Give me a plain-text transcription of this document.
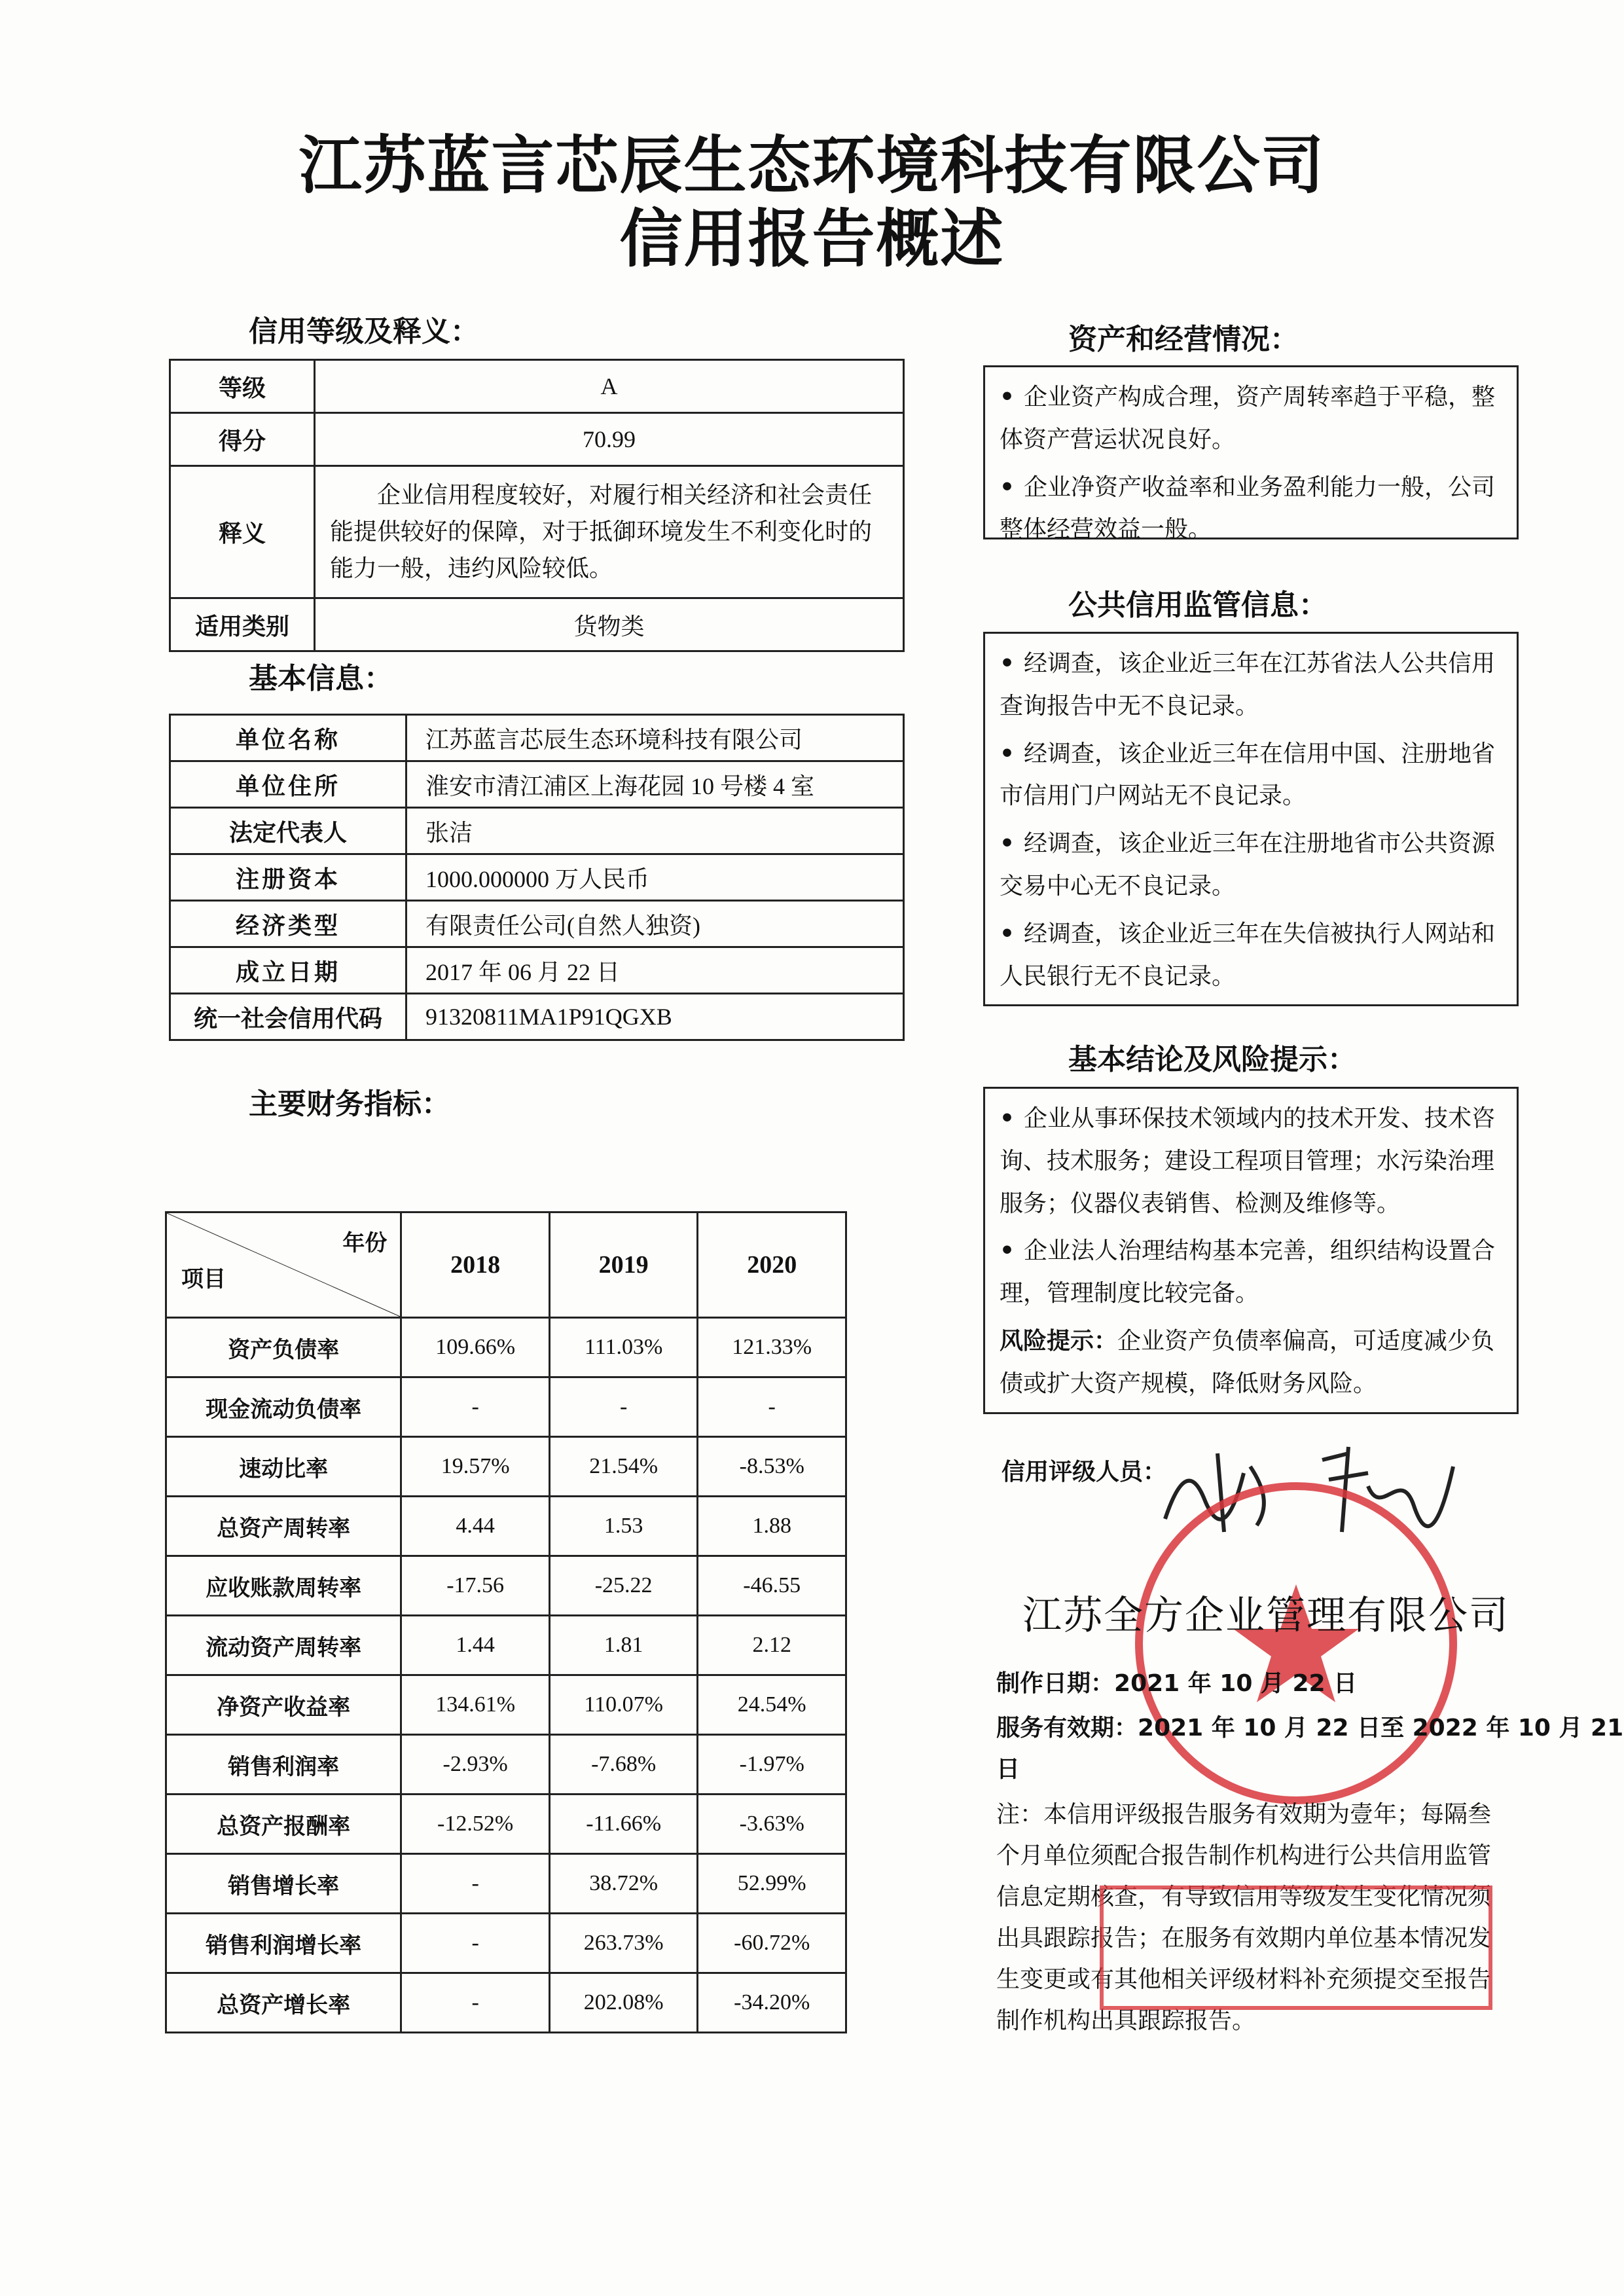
江苏蓝言芯辰生态环境科技有限公司
信用报告概述
信用等级及释义：
等级	A
得分	70.99
释义	企业信用程度较好，对履行相关经济和社会责任能提供较好的保障，对于抵御环境发生不利变化时的能力一般，违约风险较低。
适用类别	货物类
基本信息：
单位名称	江苏蓝言芯辰生态环境科技有限公司
单位住所	淮安市清江浦区上海花园 10 号楼 4 室
法定代表人	张洁
注册资本	1000.000000 万人民币
经济类型	有限责任公司(自然人独资)
成立日期	2017 年 06 月 22 日
统一社会信用代码	91320811MA1P91QGXB
主要财务指标：
年份
项目	2018	2019	2020
资产负债率	109.66%	111.03%	121.33%
现金流动负债率	-	-	-
速动比率	19.57%	21.54%	-8.53%
总资产周转率	4.44	1.53	1.88
应收账款周转率	-17.56	-25.22	-46.55
流动资产周转率	1.44	1.81	2.12
净资产收益率	134.61%	110.07%	24.54%
销售利润率	-2.93%	-7.68%	-1.97%
总资产报酬率	-12.52%	-11.66%	-3.63%
销售增长率	-	38.72%	52.99%
销售利润增长率	-	263.73%	-60.72%
总资产增长率	-	202.08%	-34.20%
资产和经营情况：

• 企业资产构成合理，资产周转率趋于平稳，整体资产营运状况良好。

• 企业净资产收益率和业务盈利能力一般，公司整体经营效益一般。

公共信用监管信息：

• 经调查，该企业近三年在江苏省法人公共信用查询报告中无不良记录。

• 经调查，该企业近三年在信用中国、注册地省市信用门户网站无不良记录。

• 经调查，该企业近三年在注册地省市公共资源交易中心无不良记录。

• 经调查，该企业近三年在失信被执行人网站和人民银行无不良记录。

基本结论及风险提示：

• 企业从事环保技术领域内的技术开发、技术咨询、技术服务；建设工程项目管理；水污染治理服务；仪器仪表销售、检测及维修等。

• 企业法人治理结构基本完善，组织结构设置合理，管理制度比较完备。

风险提示：企业资产负债率偏高，可适度减少负债或扩大资产规模，降低财务风险。

信用评级人员：
江苏全方企业管理有限公司
制作日期：2021 年 10 月 22 日
服务有效期：2021 年 10 月 22 日至 2022 年 10 月 21 日
注：本信用评级报告服务有效期为壹年；每隔叁个月单位须配合报告制作机构进行公共信用监管信息定期核查，有导致信用等级发生变化情况须出具跟踪报告；在服务有效期内单位基本情况发生变更或有其他相关评级材料补充须提交至报告制作机构出具跟踪报告。
